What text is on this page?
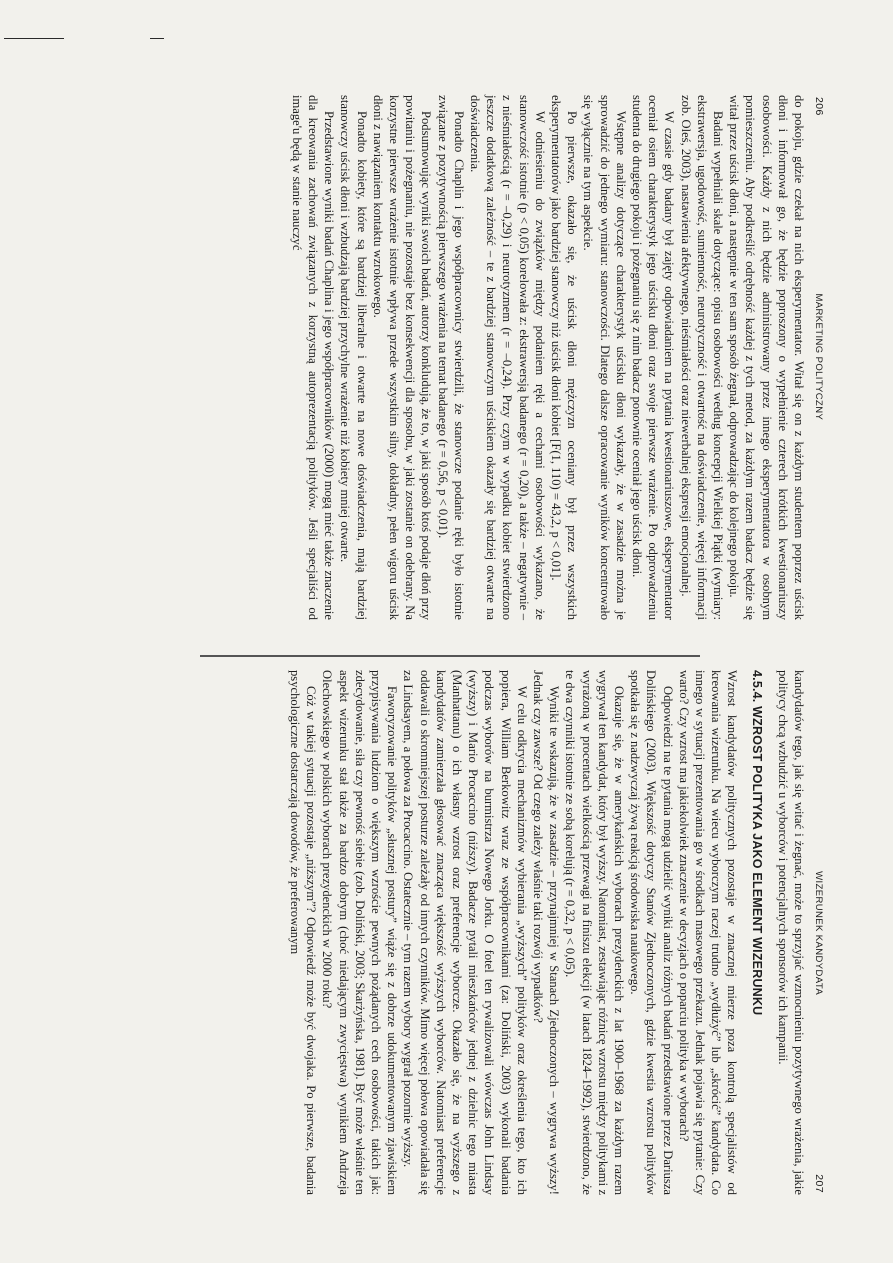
206
MARKETING POLITYCZNY

do pokoju, gdzie czekał na nich eksperymentator. Witał się on z każdym studentem poprzez uścisk dłoni i informował go, że będzie poproszony o wypełnienie czterech krótkich kwestionariuszy osobowości. Każdy z nich będzie administrowany przez innego eksperymentatora w osobnym pomieszczeniu. Aby podkreślić odrębność każdej z tych metod, za każdym razem badacz będzie się witał przez uścisk dłoni, a następnie w ten sam sposób żegnał, odprowadzając do kolejnego pokoju.

Badani wypełniali skale dotyczące: opisu osobowości według koncepcji Wielkiej Piątki (wymiary: ekstrawersja, ugodowość, sumienność, neurotyczność i otwartość na doświadczenie, więcej informacji zob. Oleś, 2003), nastawienia afektywnego, nieśmiałości oraz niewerbalnej ekspresji emocjonalnej.

W czasie gdy badany był zajęty odpowiadaniem na pytania kwestionariuszowe, eksperymentator oceniał osiem charakterystyk jego uścisku dłoni oraz swoje pierwsze wrażenie. Po odprowadzeniu studenta do drugiego pokoju i pożegnaniu się z nim badacz ponownie oceniał jego uścisk dłoni.

Wstępne analizy dotyczące charakterystyk uścisku dłoni wykazały, że w zasadzie można je sprowadzić do jednego wymiaru: stanowczości. Dlatego dalsze opracowanie wyników koncentrowało się wyłącznie na tym aspekcie.

Po pierwsze, okazało się, że uścisk dłoni mężczyzn oceniany był przez wszystkich eksperymentatorów jako bardziej stanowczy niż uścisk dłoni kobiet [F(1, 110) = 43,2, p < 0,01].

W odniesieniu do związków między podaniem ręki a cechami osobowości wykazano, że stanowczość istotnie (p < 0,05) korelowała z: ekstrawersją badanego (r = 0,20), a także – negatywnie – z nieśmiałością (r = –0,29) i neurotyzmem (r = –0,24). Przy czym w wypadku kobiet stwierdzono jeszcze dodatkową zależność – te z bardziej stanowczym uściskiem okazały się bardziej otwarte na doświadczenia.

Ponadto Chaplin i jego współpracownicy stwierdzili, że stanowcze podanie ręki było istotnie związane z pozytywnością pierwszego wrażenia na temat badanego (r = 0,56, p < 0,01).

Podsumowując wyniki swoich badań, autorzy konkludują, że to, w jaki sposób ktoś podaje dłoń przy powitaniu i pożegnaniu, nie pozostaje bez konsekwencji dla sposobu, w jaki zostanie on odebrany. Na korzystne pierwsze wrażenie istotnie wpływa przede wszystkim silny, dokładny, pełen wigoru uścisk dłoni z nawiązaniem kontaktu wzrokowego.

Ponadto kobiety, które są bardziej liberalne i otwarte na nowe doświadczenia, mają bardziej stanowczy uścisk dłoni i wzbudzają bardziej przychylne wrażenie niż kobiety mniej otwarte.

Przedstawione wyniki badań Chaplina i jego współpracowników (2000) mogą mieć także znaczenie dla kreowania zachowań związanych z korzystną autoprezentacją polityków. Jeśli specjaliści od image'u będą w stanie nauczyć

WIZERUNEK KANDYDATA
207

kandydatów tego, jak się witać i żegnać, może to sprzyjać wzmocnieniu pozytywnego wrażenia, jakie politycy chcą wzbudzić u wyborców i potencjalnych sponsorów ich kampanii.

4.5.4. WZROST POLITYKA JAKO ELEMENT WIZERUNKU

Wzrost kandydatów politycznych pozostaje w znacznej mierze poza kontrolą specjalistów od kreowania wizerunku. Na wiecu wyborczym raczej trudno „wydłużyć” lub „skrócić” kandydata. Co innego w sytuacji prezentowania go w środkach masowego przekazu. Jednak pojawia się pytanie: Czy warto? Czy wzrost ma jakiekolwiek znaczenie w decyzjach o poparciu polityka w wyborach?

Odpowiedzi na te pytania mogą udzielić wyniki analiz różnych badań przedstawione przez Dariusza Dolińskiego (2003). Większość dotyczy Stanów Zjednoczonych, gdzie kwestia wzrostu polityków spotkała się z nadzwyczaj żywą reakcją środowiska naukowego.

Okazuje się, że w amerykańskich wyborach prezydenckich z lat 1900–1968 za każdym razem wygrywał ten kandydat, który był wyższy. Natomiast, zestawiając różnicę wzrostu między politykami z wyrażoną w procentach wielkością przewagi na finiszu elekcji (w latach 1824–1992), stwierdzono, że te dwa czynniki istotnie ze sobą korelują (r = 0,32, p < 0,05).

Wyniki te wskazują, że w zasadzie – przynajmniej w Stanach Zjednoczonych – wygrywa wyższy! Jednak czy zawsze? Od czego zależy właśnie taki rozwój wypadków?

W celu odkrycia mechanizmów wybierania „wyższych” polityków oraz określenia tego, kto ich popiera, William Berkowitz wraz ze współpracownikami (za: Doliński, 2003) wykonali badania podczas wyborów na burmistrza Nowego Jorku. O fotel ten rywalizowali wówczas John Lindsay (wyższy) i Mario Procaccino (niższy). Badacze pytali mieszkańców jednej z dzielnic tego miasta (Manhattanu) o ich własny wzrost oraz preferencje wyborcze. Okazało się, że na wyższego z kandydatów zamierzała głosować znacząca większość wyższych wyborców. Natomiast preferencje oddawali o skromniejszej posturze zależały od innych czynników. Mimo więcej połowa opowiadała się za Lindsayem, a połowa za Procaccino. Ostatecznie – tym razem wybory wygrał pozornie wyższy.

Faworyzowanie polityków „słusznej postury” wiąże się z dobrze udokumentowanym zjawiskiem przypisywania ludziom o większym wzroście pewnych pożądanych cech osobowości, takich jak: zdecydowanie, siła czy pewność siebie (zob. Doliński, 2003; Skarżyńska, 1981). Być może właśnie ten aspekt wizerunku stał także za bardzo dobrym (choć niedającym zwycięstwa) wynikiem Andrzeja Olechowskiego w polskich wyborach prezydenckich w 2000 roku?

Cóż w takiej sytuacji pozostaje „niższym”? Odpowiedź może być dwojaka. Po pierwsze, badania psychologiczne dostarczają dowodów, że preferowanym
